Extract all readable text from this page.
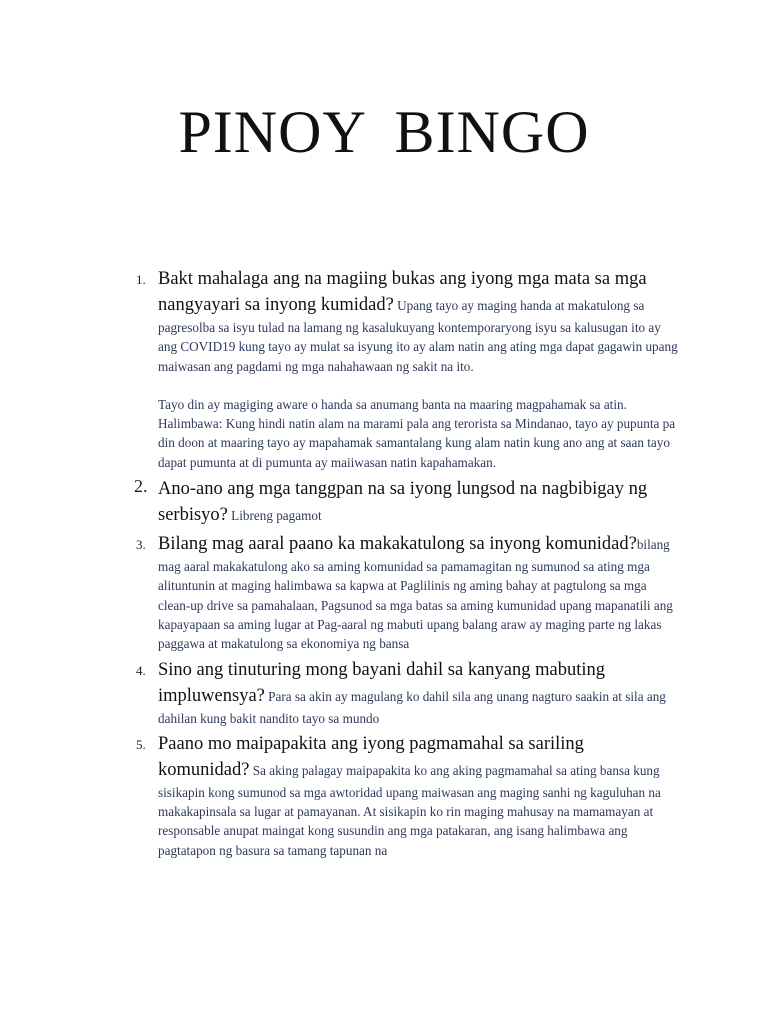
PINOY BINGO
1. Bakt mahalaga ang na magiing bukas ang iyong mga mata sa mga nangyayari sa inyong kumidad? Upang tayo ay maging handa at makatulong sa pagresolba sa isyu tulad na lamang ng kasalukuyang kontemporaryong isyu sa kalusugan ito ay ang COVID19 kung tayo ay mulat sa isyung ito ay alam natin ang ating mga dapat gagawin upang maiwasan ang pagdami ng mga nahahawaan ng sakit na ito.

Tayo din ay magiging aware o handa sa anumang banta na maaring magpahamak sa atin.

Halimbawa: Kung hindi natin alam na marami pala ang terorista sa Mindanao, tayo ay pupunta pa din doon at maaring tayo ay mapahamak samantalang kung alam natin kung ano ang at saan tayo dapat pumunta at di pumunta ay maiiwasan natin kapahamakan.

2. Ano-ano ang mga tanggpan na sa iyong lungsod na nagbibigay ng serbisyo? Libreng pagamot
3. Bilang mag aaral paano ka makakatulong sa inyong komunidad?bilang mag aaral makakatulong ako sa aming komunidad sa pamamagitan ng sumunod sa ating mga alituntunin at maging halimbawa sa kapwa at Paglilinis ng aming bahay at pagtulong sa mga clean-up drive sa pamahalaan, Pagsunod sa mga batas sa aming kumunidad upang mapanatili ang kapayapaan sa aming lugar at Pag-aaral ng mabuti upang balang araw ay maging parte ng lakas paggawa at makatulong sa ekonomiya ng bansa
4. Sino ang tinuturing mong bayani dahil sa kanyang mabuting impluwensya? Para sa akin ay magulang ko dahil sila ang unang nagturo saakin at sila ang dahilan kung bakit nandito tayo sa mundo
5. Paano mo maipapakita ang iyong pagmamahal sa sariling komunidad? Sa aking palagay maipapakita ko ang aking pagmamahal sa ating bansa kung sisikapin kong sumunod sa mga awtoridad upang maiwasan ang maging sanhi ng kaguluhan na makakapinsala sa lugar at pamayanan. At sisikapin ko rin maging mahusay na mamamayan at responsable anupat maingat kong susundin ang mga patakaran, ang isang halimbawa ang pagtatapon ng basura sa tamang tapunan na
